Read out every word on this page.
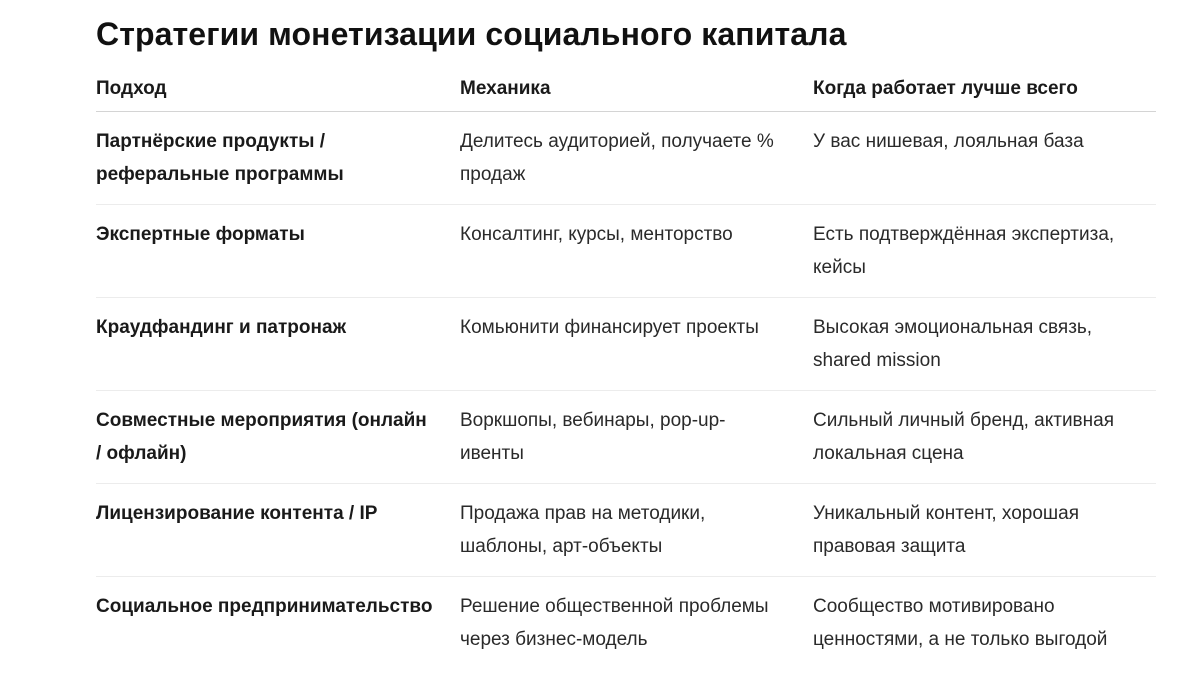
Стратегии монетизации социального капитала
Подход	Механика	Когда работает лучше всего
Партнёрские продукты / реферальные программы	Делитесь аудиторией, получаете % продаж	У вас нишевая, лояльная база
Экспертные форматы	Консалтинг, курсы, менторство	Есть подтверждённая экспертиза, кейсы
Краудфандинг и патронаж	Комьюнити финансирует проекты	Высокая эмоциональная связь, shared mission
Совместные мероприятия (онлайн / офлайн)	Воркшопы, вебинары, pop-up-ивенты	Сильный личный бренд, активная локальная сцена
Лицензирование контента / IP	Продажа прав на методики, шаблоны, арт-объекты	Уникальный контент, хорошая правовая защита
Социальное предпринимательство	Решение общественной проблемы через бизнес-модель	Сообщество мотивировано ценностями, а не только выгодой
